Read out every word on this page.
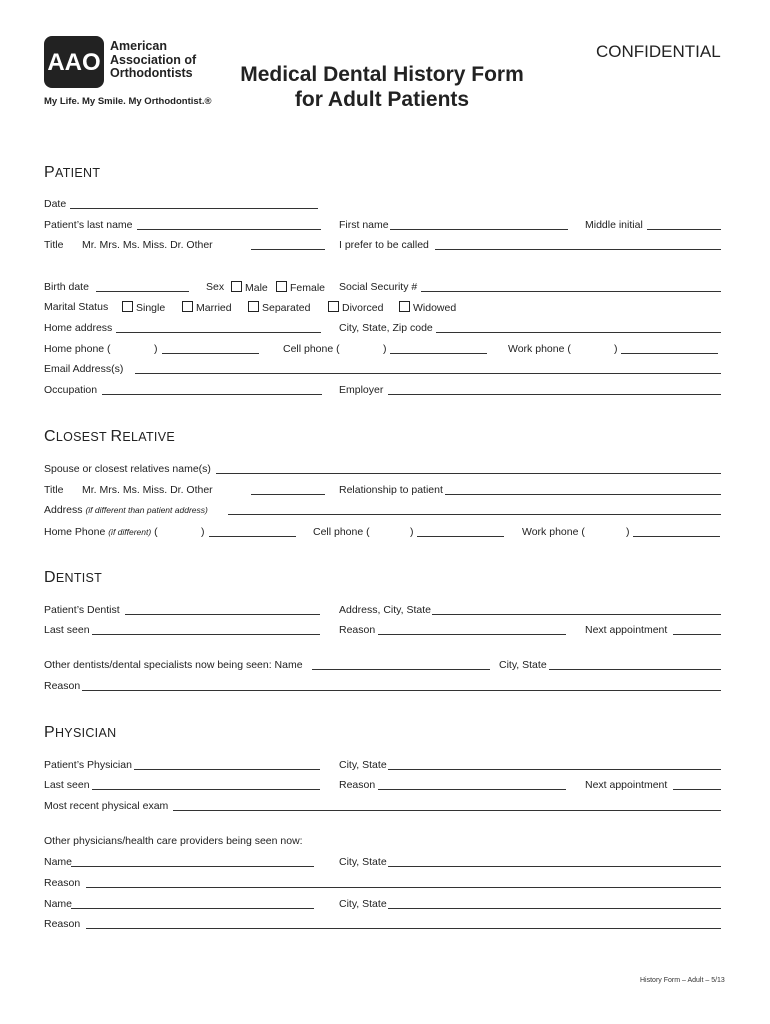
AAO
American
Association of
Orthodontists
My Life. My Smile. My Orthodontist.®
Medical Dental History Form
for Adult Patients
CONFIDENTIAL
PATIENT
Date
Patient’s last name	First name	Middle initial
Title Mr. Mrs. Ms. Miss. Dr. Other	I prefer to be called
Birth date	Sex	Male	Female Social Security #
Marital Status	Single	Married	Separated	Divorced	Widowed
Home address	City, State, Zip code
Home phone (	)	Cell phone (	)	Work phone (	)
Email Address(s)
Occupation	Employer
CLOSEST RELATIVE
Spouse or closest relatives name(s)
Title Mr. Mrs. Ms. Miss. Dr. Other	Relationship to patient
Address (if different than patient address)
Home Phone (if different) (	)	Cell phone (	)	Work phone (	)
DENTIST
Patient’s Dentist	Address, City, State
Last seen	Reason	Next appointment
Other dentists/dental specialists now being seen: Name	City, State
Reason
PHYSICIAN
Patient’s Physician	City, State
Last seen	Reason	Next appointment
Most recent physical exam
Other physicians/health care providers being seen now:
Name	City, State
Reason
Name	City, State
Reason
History Form – Adult – 5/13
